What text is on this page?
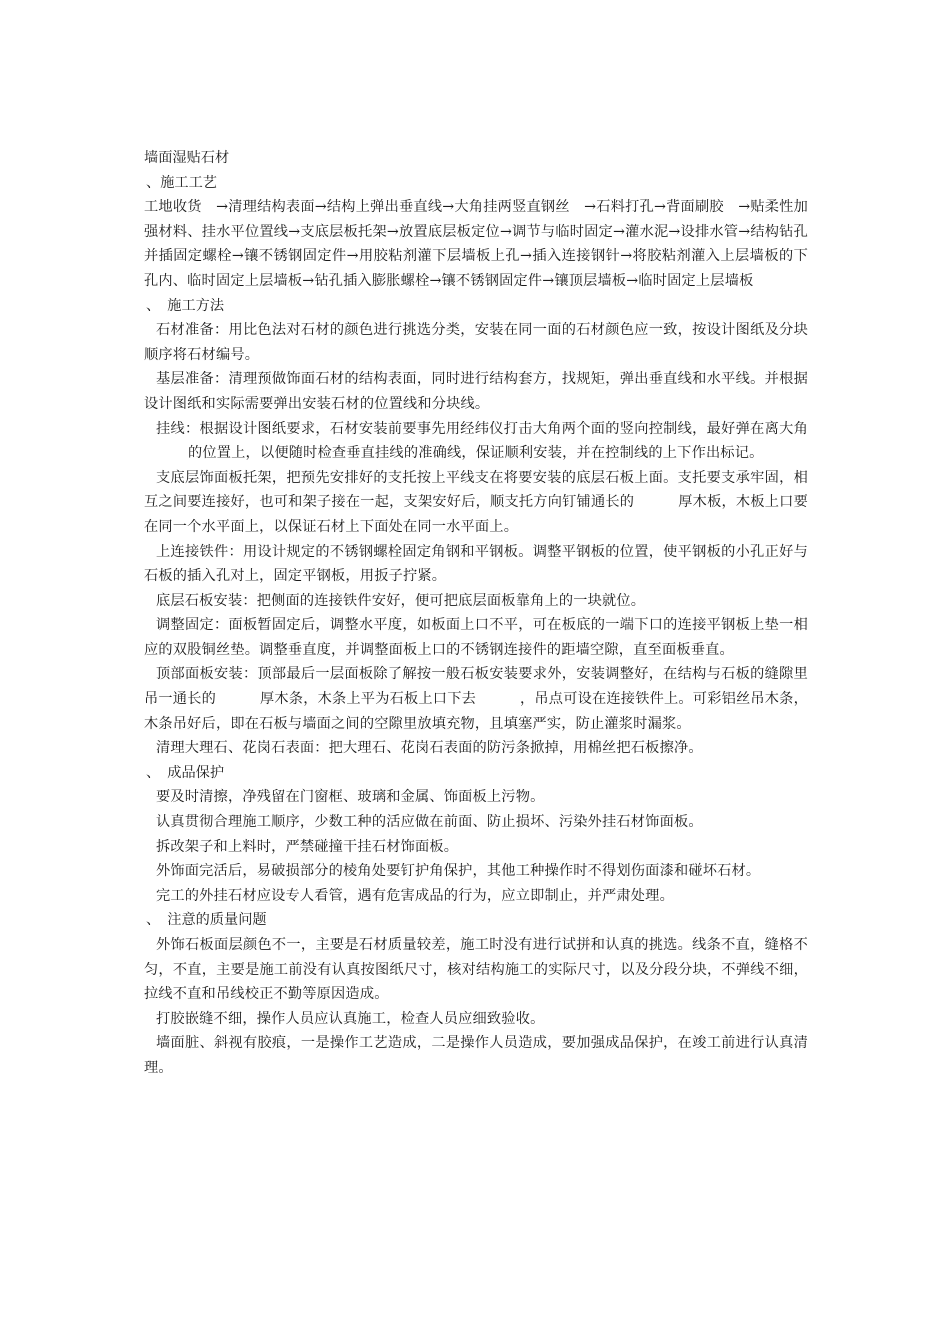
墙面湿贴石材

、施工工艺

工地收货　→清理结构表面→结构上弹出垂直线→大角挂两竖直钢丝　→石料打孔→背面刷胶　→贴柔性加强材料、挂水平位置线→支底层板托架→放置底层板定位→调节与临时固定→灌水泥→设排水管→结构钻孔并插固定螺栓→镶不锈钢固定件→用胶粘剂灌下层墙板上孔→插入连接钢针→将胶粘剂灌入上层墙板的下孔内、临时固定上层墙板→钻孔插入膨胀螺栓→镶不锈钢固定件→镶顶层墙板→临时固定上层墙板

、　施工方法

石材准备：用比色法对石材的颜色进行挑选分类，安装在同一面的石材颜色应一致，按设计图纸及分块顺序将石材编号。

基层准备：清理预做饰面石材的结构表面，同时进行结构套方，找规矩，弹出垂直线和水平线。并根据设计图纸和实际需要弹出安装石材的位置线和分块线。

挂线：根据设计图纸要求，石材安装前要事先用经纬仪打击大角两个面的竖向控制线，最好弹在离大角的位置上，以便随时检查垂直挂线的准确线，保证顺利安装，并在控制线的上下作出标记。

支底层饰面板托架，把预先安排好的支托按上平线支在将要安装的底层石板上面。支托要支承牢固，相互之间要连接好，也可和架子接在一起，支架安好后，顺支托方向钉铺通长的	厚木板，木板上口要在同一个水平面上，以保证石材上下面处在同一水平面上。

上连接铁件：用设计规定的不锈钢螺栓固定角钢和平钢板。调整平钢板的位置，使平钢板的小孔正好与石板的插入孔对上，固定平钢板，用扳子拧紧。

底层石板安装：把侧面的连接铁件安好，便可把底层面板靠角上的一块就位。

调整固定：面板暂固定后，调整水平度，如板面上口不平，可在板底的一端下口的连接平钢板上垫一相应的双股铜丝垫。调整垂直度，并调整面板上口的不锈钢连接件的距墙空隙，直至面板垂直。

顶部面板安装：顶部最后一层面板除了解按一般石板安装要求外，安装调整好，在结构与石板的缝隙里吊一通长的	厚木条，木条上平为石板上口下去	，吊点可设在连接铁件上。可彩铝丝吊木条，木条吊好后，即在石板与墙面之间的空隙里放填充物，且填塞严实，防止灌浆时漏浆。

清理大理石、花岗石表面：把大理石、花岗石表面的防污条掀掉，用棉丝把石板擦净。

、　成品保护

要及时清擦，净残留在门窗框、玻璃和金属、饰面板上污物。

认真贯彻合理施工顺序，少数工种的活应做在前面、防止损坏、污染外挂石材饰面板。

拆改架子和上料时，严禁碰撞干挂石材饰面板。

外饰面完活后，易破损部分的棱角处要钉护角保护，其他工种操作时不得划伤面漆和碰坏石材。

完工的外挂石材应设专人看管，遇有危害成品的行为，应立即制止，并严肃处理。

、　注意的质量问题

外饰石板面层颜色不一，主要是石材质量较差，施工时没有进行试拼和认真的挑选。线条不直，缝格不匀，不直，主要是施工前没有认真按图纸尺寸，核对结构施工的实际尺寸，以及分段分块，不弹线不细，拉线不直和吊线校正不勤等原因造成。

打胶嵌缝不细，操作人员应认真施工，检查人员应细致验收。

墙面脏、斜视有胶痕，一是操作工艺造成，二是操作人员造成，要加强成品保护，在竣工前进行认真清理。
